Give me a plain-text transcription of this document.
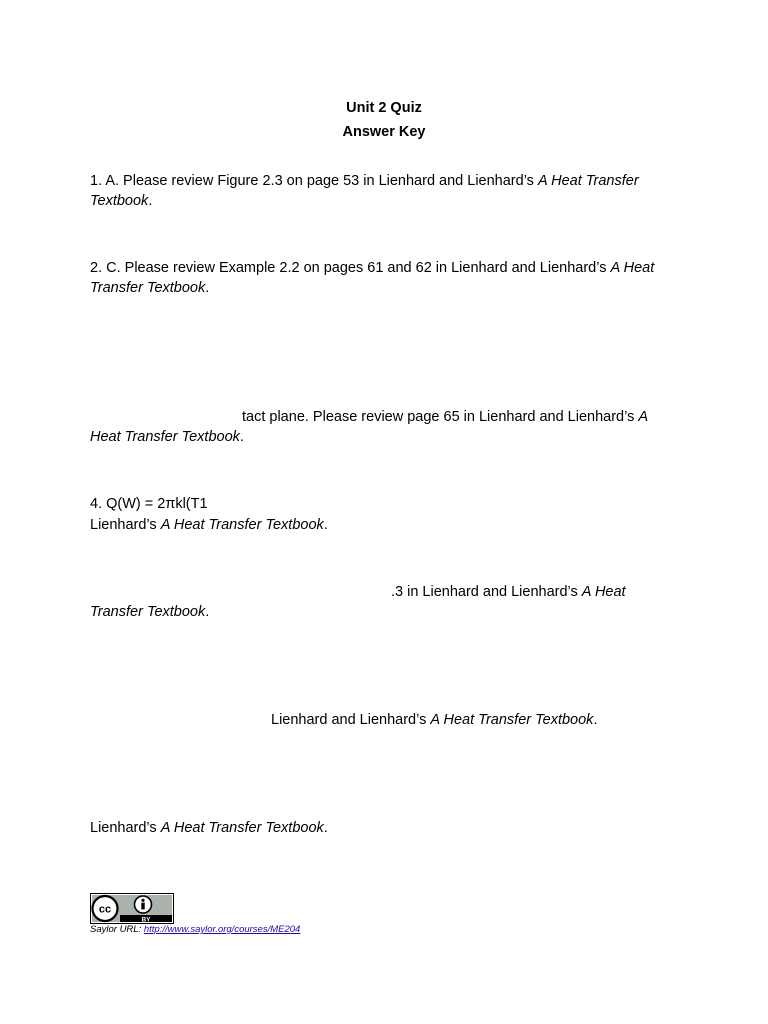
Unit 2 Quiz
Answer Key
1. A. Please review Figure 2.3 on page 53 in Lienhard and Lienhard’s A Heat Transfer
Textbook.
2. C. Please review Example 2.2 on pages 61 and 62 in Lienhard and Lienhard’s A Heat
Transfer Textbook.
tact plane. Please review page 65 in Lienhard and Lienhard’s A
Heat Transfer Textbook.
4. Q(W) = 2πkl(T1
Lienhard’s A Heat Transfer Textbook.
.3 in Lienhard and Lienhard’s A Heat
Transfer Textbook.
Lienhard and Lienhard’s A Heat Transfer Textbook.
Lienhard’s A Heat Transfer Textbook.
cc
BY
Saylor URL: http://www.saylor.org/courses/ME204
